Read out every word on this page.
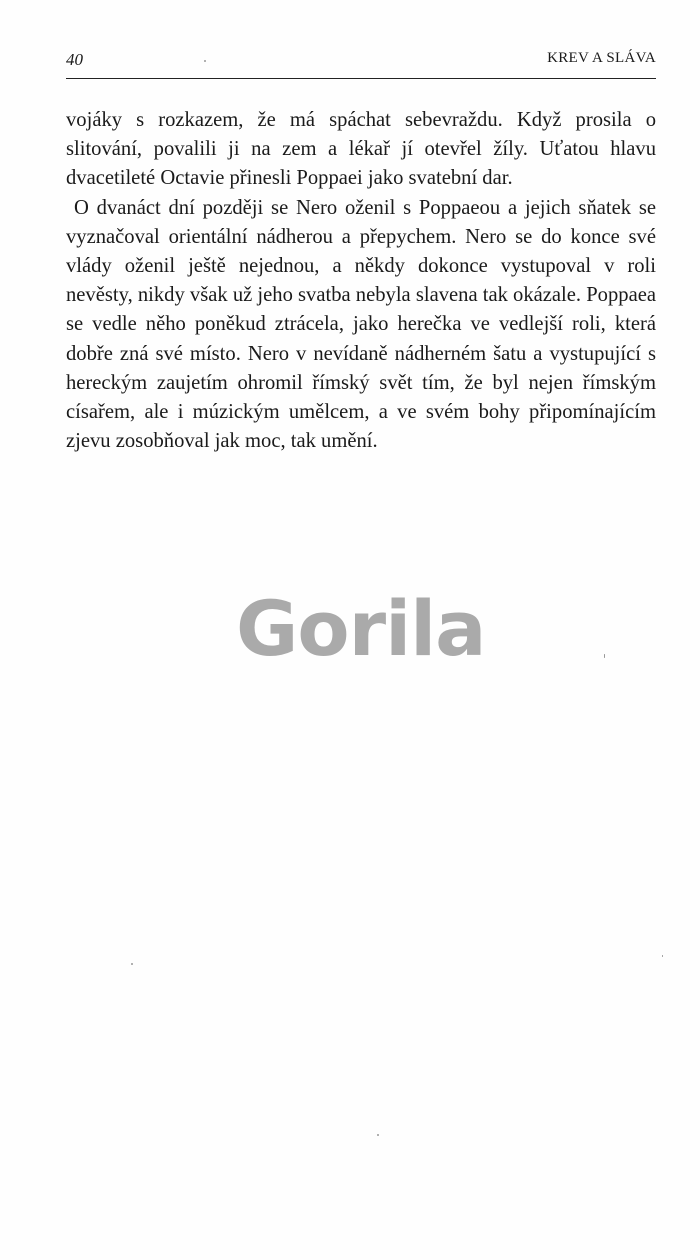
40	KREV A SLÁVA

vojáky s rozkazem, že má spáchat sebevraždu. Když prosila o slitování, povalili ji na zem a lékař jí otevřel žíly. Uťatou hlavu dvacetileté Octavie přinesli Poppaei jako svatební dar.

O dvanáct dní později se Nero oženil s Poppaeou a jejich sňatek se vyznačoval orientální nádherou a přepychem. Nero se do konce své vlády oženil ještě nejednou, a někdy dokonce vystupoval v roli nevěsty, nikdy však už jeho svatba nebyla slavena tak okázale. Poppaea se vedle něho poněkud ztrácela, jako herečka ve vedlejší roli, která dobře zná své místo. Nero v nevídaně nádherném šatu a vystupující s hereckým zaujetím ohromil římský svět tím, že byl nejen římským císařem, ale i múzickým umělcem, a ve svém bohy připomínajícím zjevu zosobňoval jak moc, tak umění.

Gorila
